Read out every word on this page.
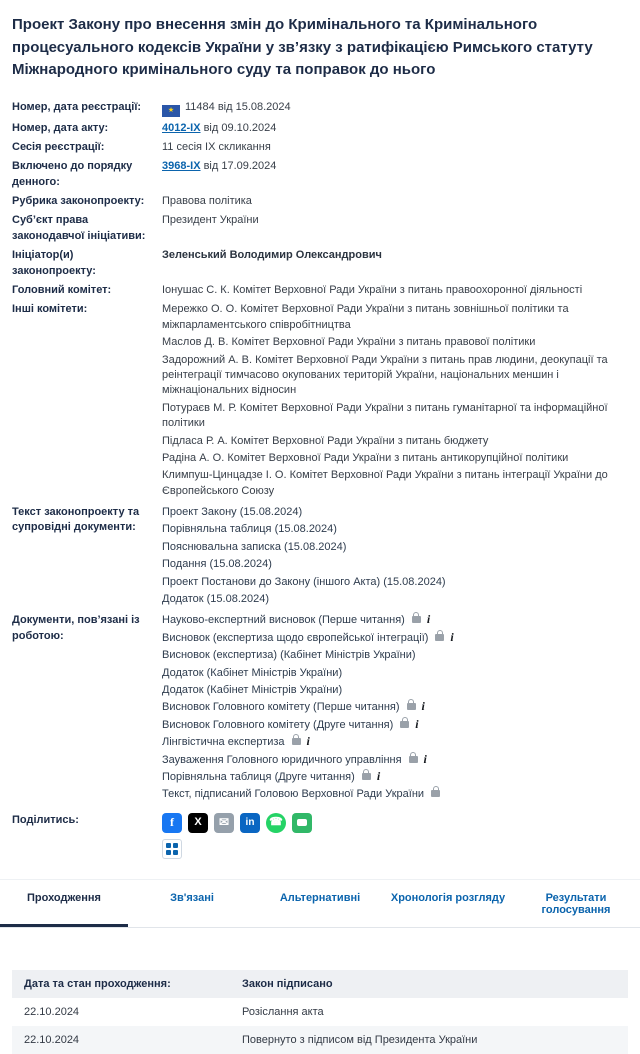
Проект Закону про внесення змін до Кримінального та Кримінального процесуального кодексів України у зв’язку з ратифікацією Римського статуту Міжнародного кримінального суду та поправок до нього
Номер, дата реєстрації:	★ 11484 від 15.08.2024
Номер, дата акту:	4012-IX від 09.10.2024
Сесія реєстрації:	11 сесія IX скликання
Включено до порядку денного:
3968-IX від 17.09.2024
Рубрика законопроекту:	Правова політика
Суб’єкт права законодавчої ініціативи:
Президент України
Ініціатор(и) законопроекту:
Зеленський Володимир Олександрович
Головний комітет:	Іонушас С. К. Комітет Верховної Ради України з питань правоохоронної діяльності
Інші комітети:	Мережко О. О. Комітет Верховної Ради України з питань зовнішньої політики та міжпарламентського співробітництва
Маслов Д. В. Комітет Верховної Ради України з питань правової політики
Задорожний А. В. Комітет Верховної Ради України з питань прав людини, деокупації та реінтеграції тимчасово окупованих територій України, національних меншин і міжнаціональних відносин
Потураєв М. Р. Комітет Верховної Ради України з питань гуманітарної та інформаційної політики
Підласа Р. А. Комітет Верховної Ради України з питань бюджету
Радіна А. О. Комітет Верховної Ради України з питань антикорупційної політики
Климпуш-Цинцадзе І. О. Комітет Верховної Ради України з питань інтеграції України до Європейського Союзу
Текст законопроекту та супровідні документи:
Проект Закону (15.08.2024)
Порівняльна таблиця (15.08.2024)
Пояснювальна записка (15.08.2024)
Подання (15.08.2024)
Проект Постанови до Закону (іншого Акта) (15.08.2024)
Додаток (15.08.2024)
Документи, пов’язані із роботою:
Науково-експертний висновок (Перше читання) i
Висновок (експертиза щодо європейської інтеграції) i
Висновок (експертиза) (Кабінет Міністрів України)
Додаток (Кабінет Міністрів України)
Додаток (Кабінет Міністрів України)
Висновок Головного комітету (Перше читання) i
Висновок Головного комітету (Друге читання) i
Лінгвістична експертиза i
Зауваження Головного юридичного управління i
Порівняльна таблиця (Друге читання) i
Текст, підписаний Головою Верховної Ради України
Поділитись:	f	X	✉	in	☎
Проходження	Зв'язані	Альтернативні	Хронологія розгляду	Результати голосування
Дата та стан проходження:	Закон підписано
22.10.2024	Розіслання акта
22.10.2024	Повернуто з підписом від Президента України
